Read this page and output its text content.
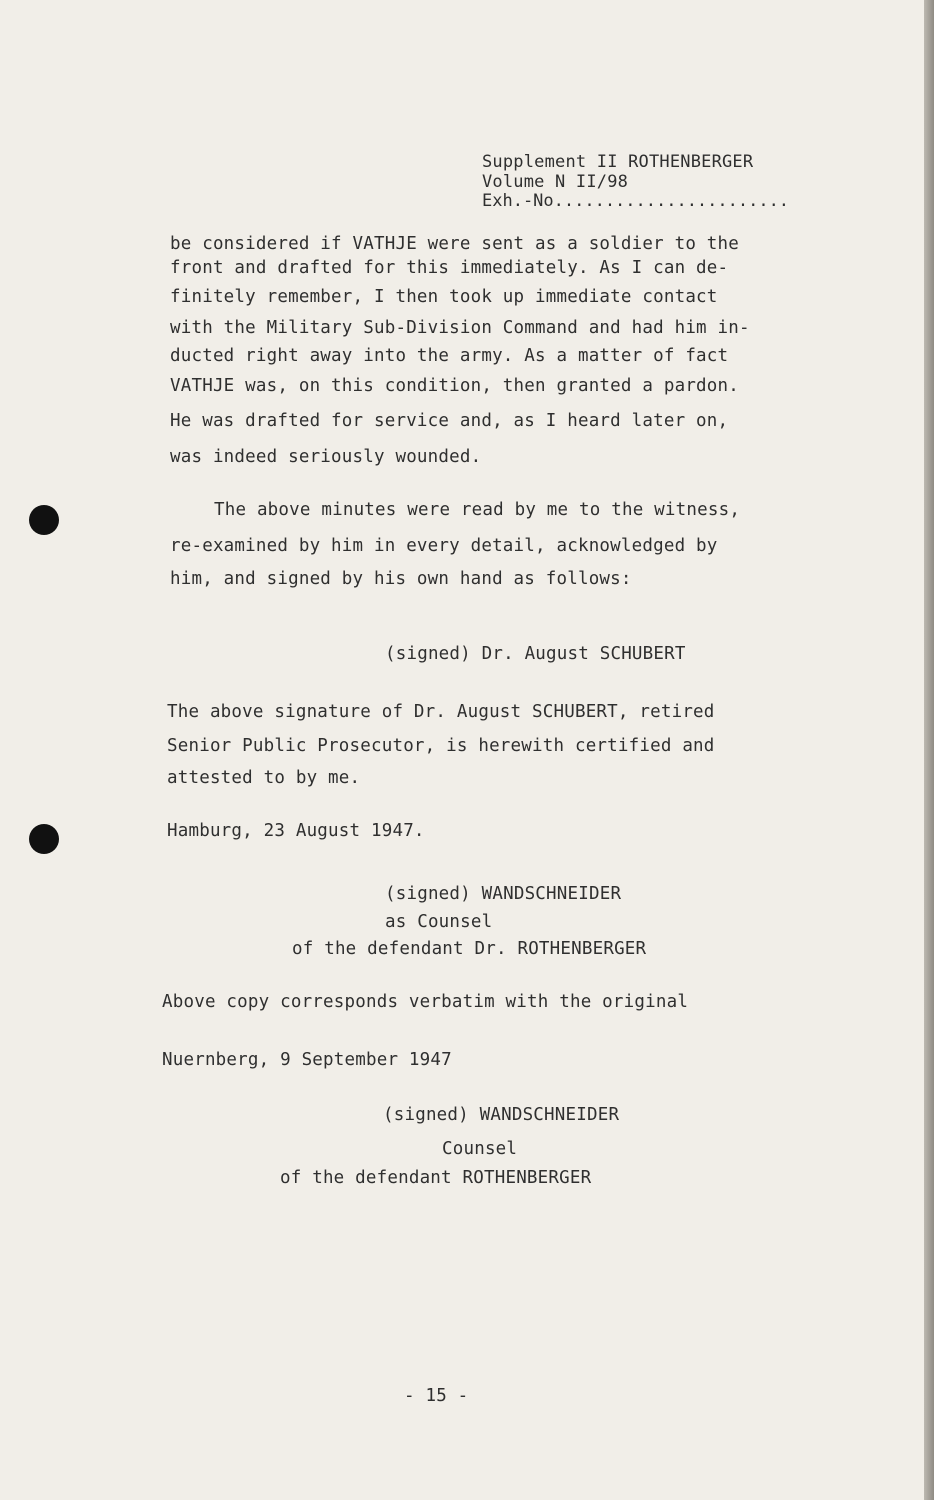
Supplement II ROTHENBERGER
Volume N II/98
Exh.-No.......................
be considered if VATHJE were sent as a soldier to the
front and drafted for this immediately. As I can de-
finitely remember, I then took up immediate contact
with the Military Sub-Division Command and had him in-
ducted right away into the army. As a matter of fact
VATHJE was, on this condition, then granted a pardon.
He was drafted for service and, as I heard later on,
was indeed seriously wounded.
The above minutes were read by me to the witness,
re-examined by him in every detail, acknowledged by
him, and signed by his own hand as follows:
(signed) Dr. August SCHUBERT
The above signature of Dr. August SCHUBERT, retired
Senior Public Prosecutor, is herewith certified and
attested to by me.
Hamburg, 23 August 1947.
(signed) WANDSCHNEIDER
as Counsel
of the defendant Dr. ROTHENBERGER
Above copy corresponds verbatim with the original
Nuernberg, 9 September 1947
(signed) WANDSCHNEIDER
Counsel
of the defendant ROTHENBERGER
- 15 -
